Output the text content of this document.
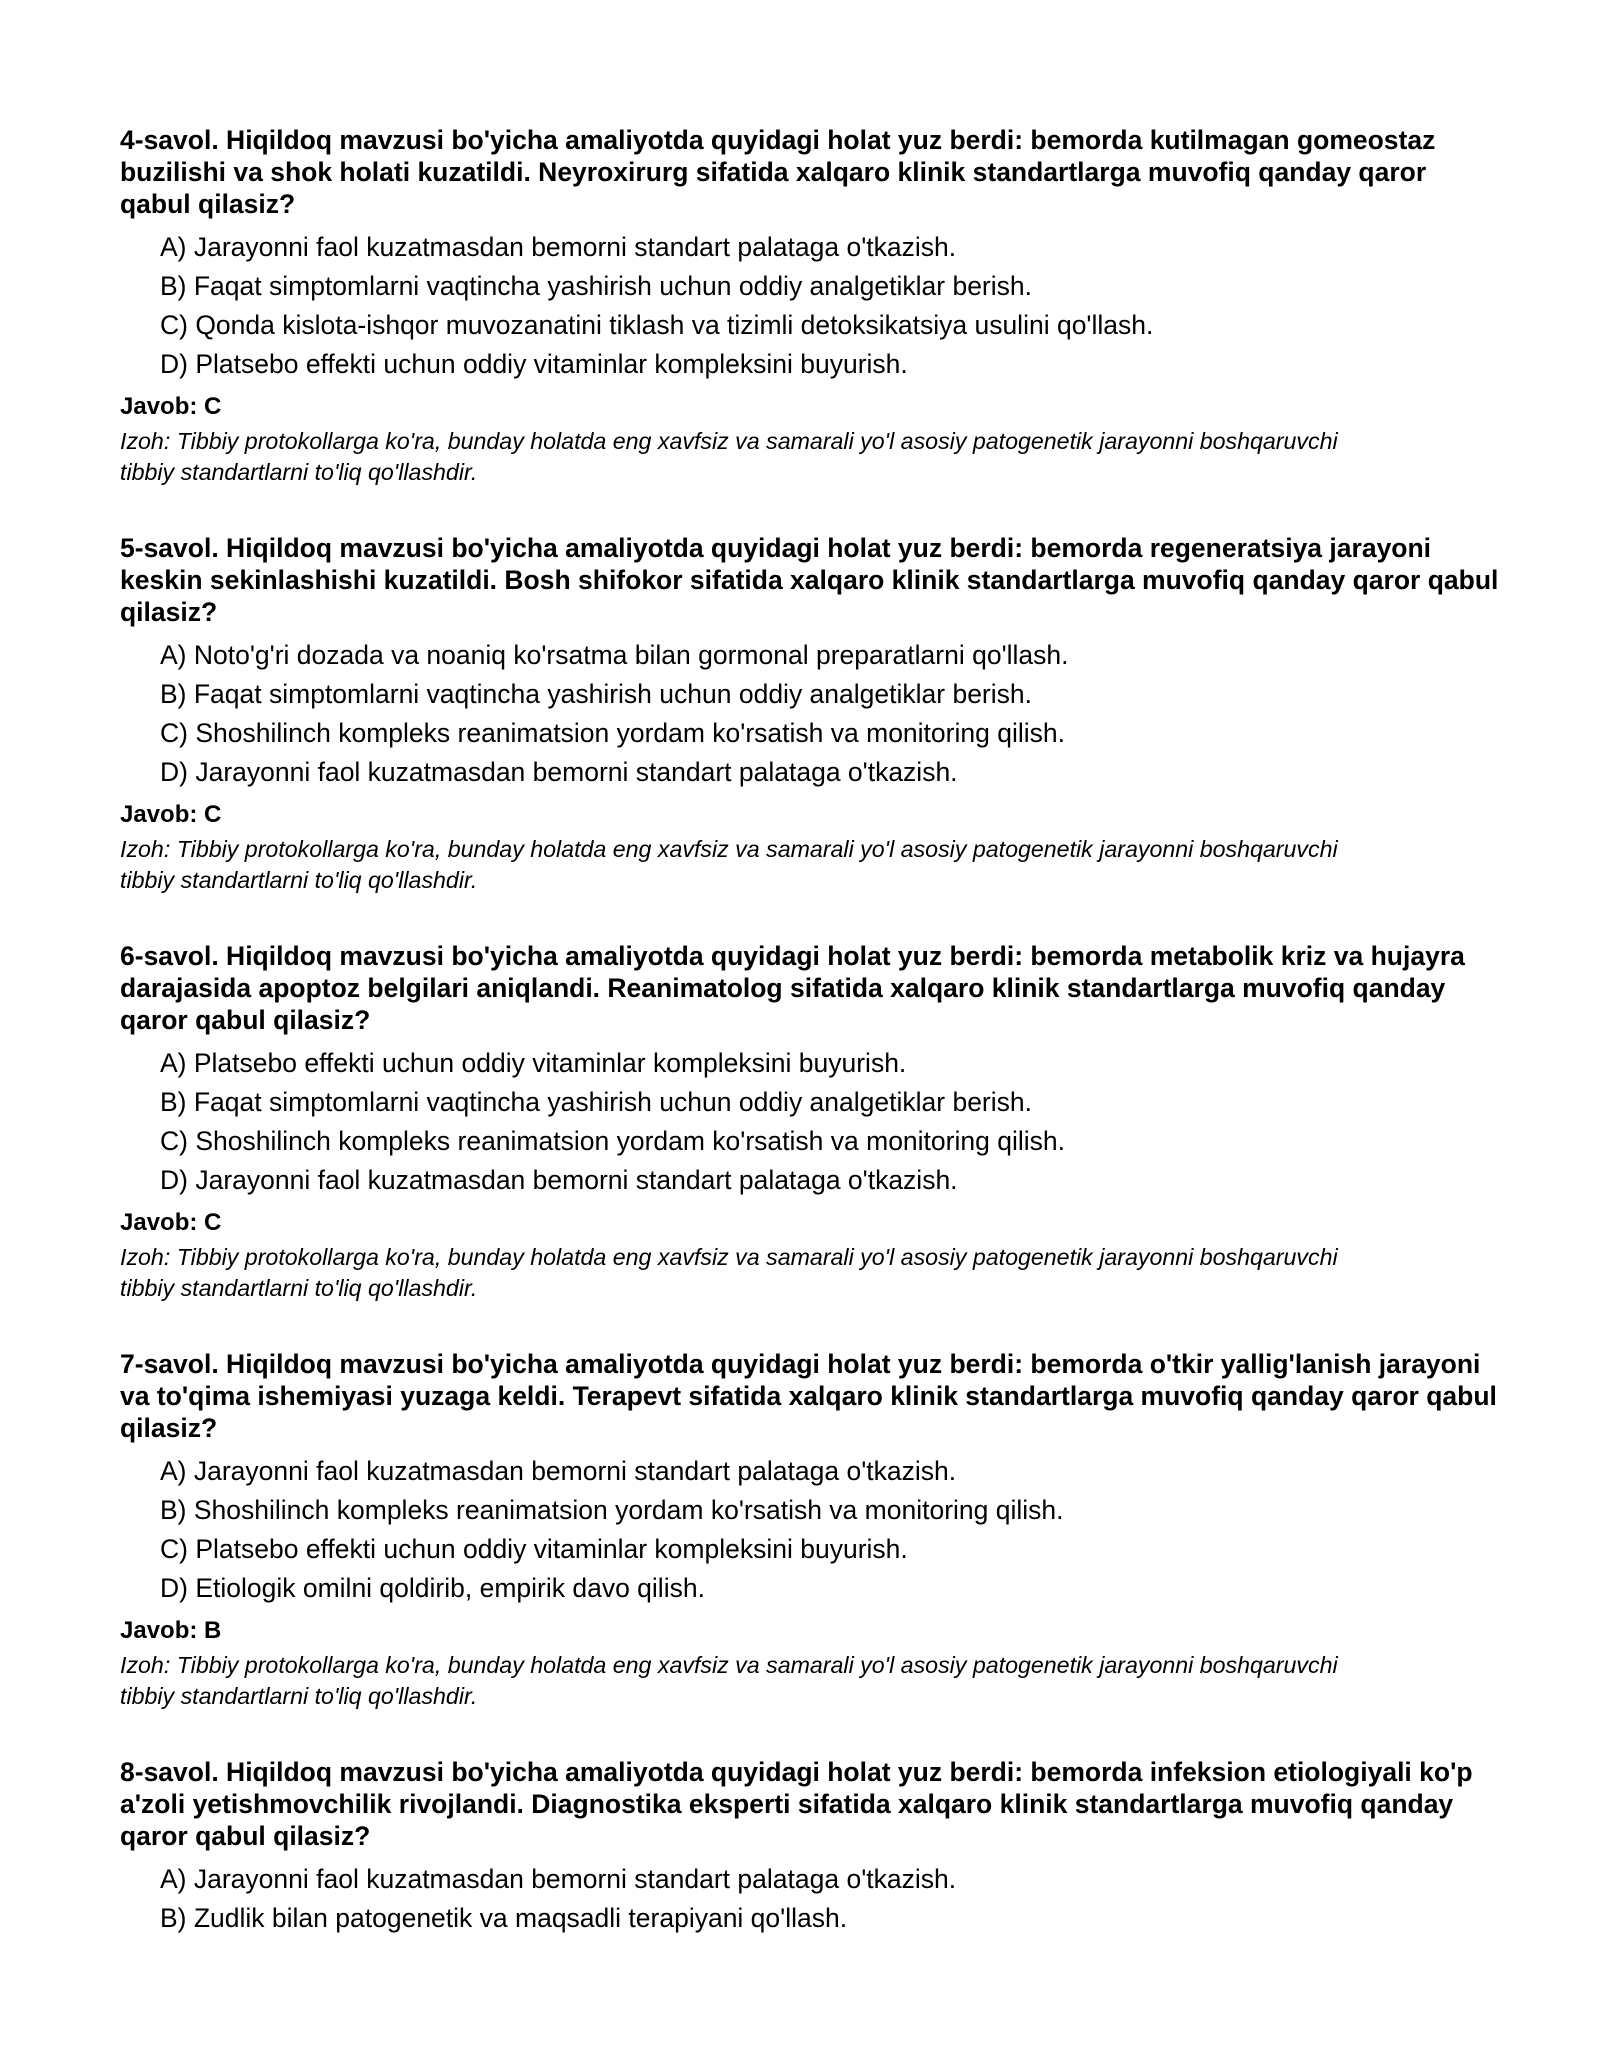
4-savol. Hiqildoq mavzusi bo'yicha amaliyotda quyidagi holat yuz berdi: bemorda kutilmagan gomeostaz buzilishi va shok holati kuzatildi. Neyroxirurg sifatida xalqaro klinik standartlarga muvofiq qanday qaror qabul qilasiz?
A) Jarayonni faol kuzatmasdan bemorni standart palataga o'tkazish.
B) Faqat simptomlarni vaqtincha yashirish uchun oddiy analgetiklar berish.
C) Qonda kislota-ishqor muvozanatini tiklash va tizimli detoksikatsiya usulini qo'llash.
D) Platsebo effekti uchun oddiy vitaminlar kompleksini buyurish.
Javob: C

Izoh: Tibbiy protokollarga ko'ra, bunday holatda eng xavfsiz va samarali yo'l asosiy patogenetik jarayonni boshqaruvchi tibbiy standartlarni to'liq qo'llashdir.

5-savol. Hiqildoq mavzusi bo'yicha amaliyotda quyidagi holat yuz berdi: bemorda regeneratsiya jarayoni keskin sekinlashishi kuzatildi. Bosh shifokor sifatida xalqaro klinik standartlarga muvofiq qanday qaror qabul qilasiz?
A) Noto'g'ri dozada va noaniq ko'rsatma bilan gormonal preparatlarni qo'llash.
B) Faqat simptomlarni vaqtincha yashirish uchun oddiy analgetiklar berish.
C) Shoshilinch kompleks reanimatsion yordam ko'rsatish va monitoring qilish.
D) Jarayonni faol kuzatmasdan bemorni standart palataga o'tkazish.
Javob: C

Izoh: Tibbiy protokollarga ko'ra, bunday holatda eng xavfsiz va samarali yo'l asosiy patogenetik jarayonni boshqaruvchi tibbiy standartlarni to'liq qo'llashdir.

6-savol. Hiqildoq mavzusi bo'yicha amaliyotda quyidagi holat yuz berdi: bemorda metabolik kriz va hujayra darajasida apoptoz belgilari aniqlandi. Reanimatolog sifatida xalqaro klinik standartlarga muvofiq qanday qaror qabul qilasiz?
A) Platsebo effekti uchun oddiy vitaminlar kompleksini buyurish.
B) Faqat simptomlarni vaqtincha yashirish uchun oddiy analgetiklar berish.
C) Shoshilinch kompleks reanimatsion yordam ko'rsatish va monitoring qilish.
D) Jarayonni faol kuzatmasdan bemorni standart palataga o'tkazish.
Javob: C

Izoh: Tibbiy protokollarga ko'ra, bunday holatda eng xavfsiz va samarali yo'l asosiy patogenetik jarayonni boshqaruvchi tibbiy standartlarni to'liq qo'llashdir.

7-savol. Hiqildoq mavzusi bo'yicha amaliyotda quyidagi holat yuz berdi: bemorda o'tkir yallig'lanish jarayoni va to'qima ishemiyasi yuzaga keldi. Terapevt sifatida xalqaro klinik standartlarga muvofiq qanday qaror qabul qilasiz?
A) Jarayonni faol kuzatmasdan bemorni standart palataga o'tkazish.
B) Shoshilinch kompleks reanimatsion yordam ko'rsatish va monitoring qilish.
C) Platsebo effekti uchun oddiy vitaminlar kompleksini buyurish.
D) Etiologik omilni qoldirib, empirik davo qilish.
Javob: B

Izoh: Tibbiy protokollarga ko'ra, bunday holatda eng xavfsiz va samarali yo'l asosiy patogenetik jarayonni boshqaruvchi tibbiy standartlarni to'liq qo'llashdir.

8-savol. Hiqildoq mavzusi bo'yicha amaliyotda quyidagi holat yuz berdi: bemorda infeksion etiologiyali ko'p a'zoli yetishmovchilik rivojlandi. Diagnostika eksperti sifatida xalqaro klinik standartlarga muvofiq qanday qaror qabul qilasiz?
A) Jarayonni faol kuzatmasdan bemorni standart palataga o'tkazish.
B) Zudlik bilan patogenetik va maqsadli terapiyani qo'llash.
